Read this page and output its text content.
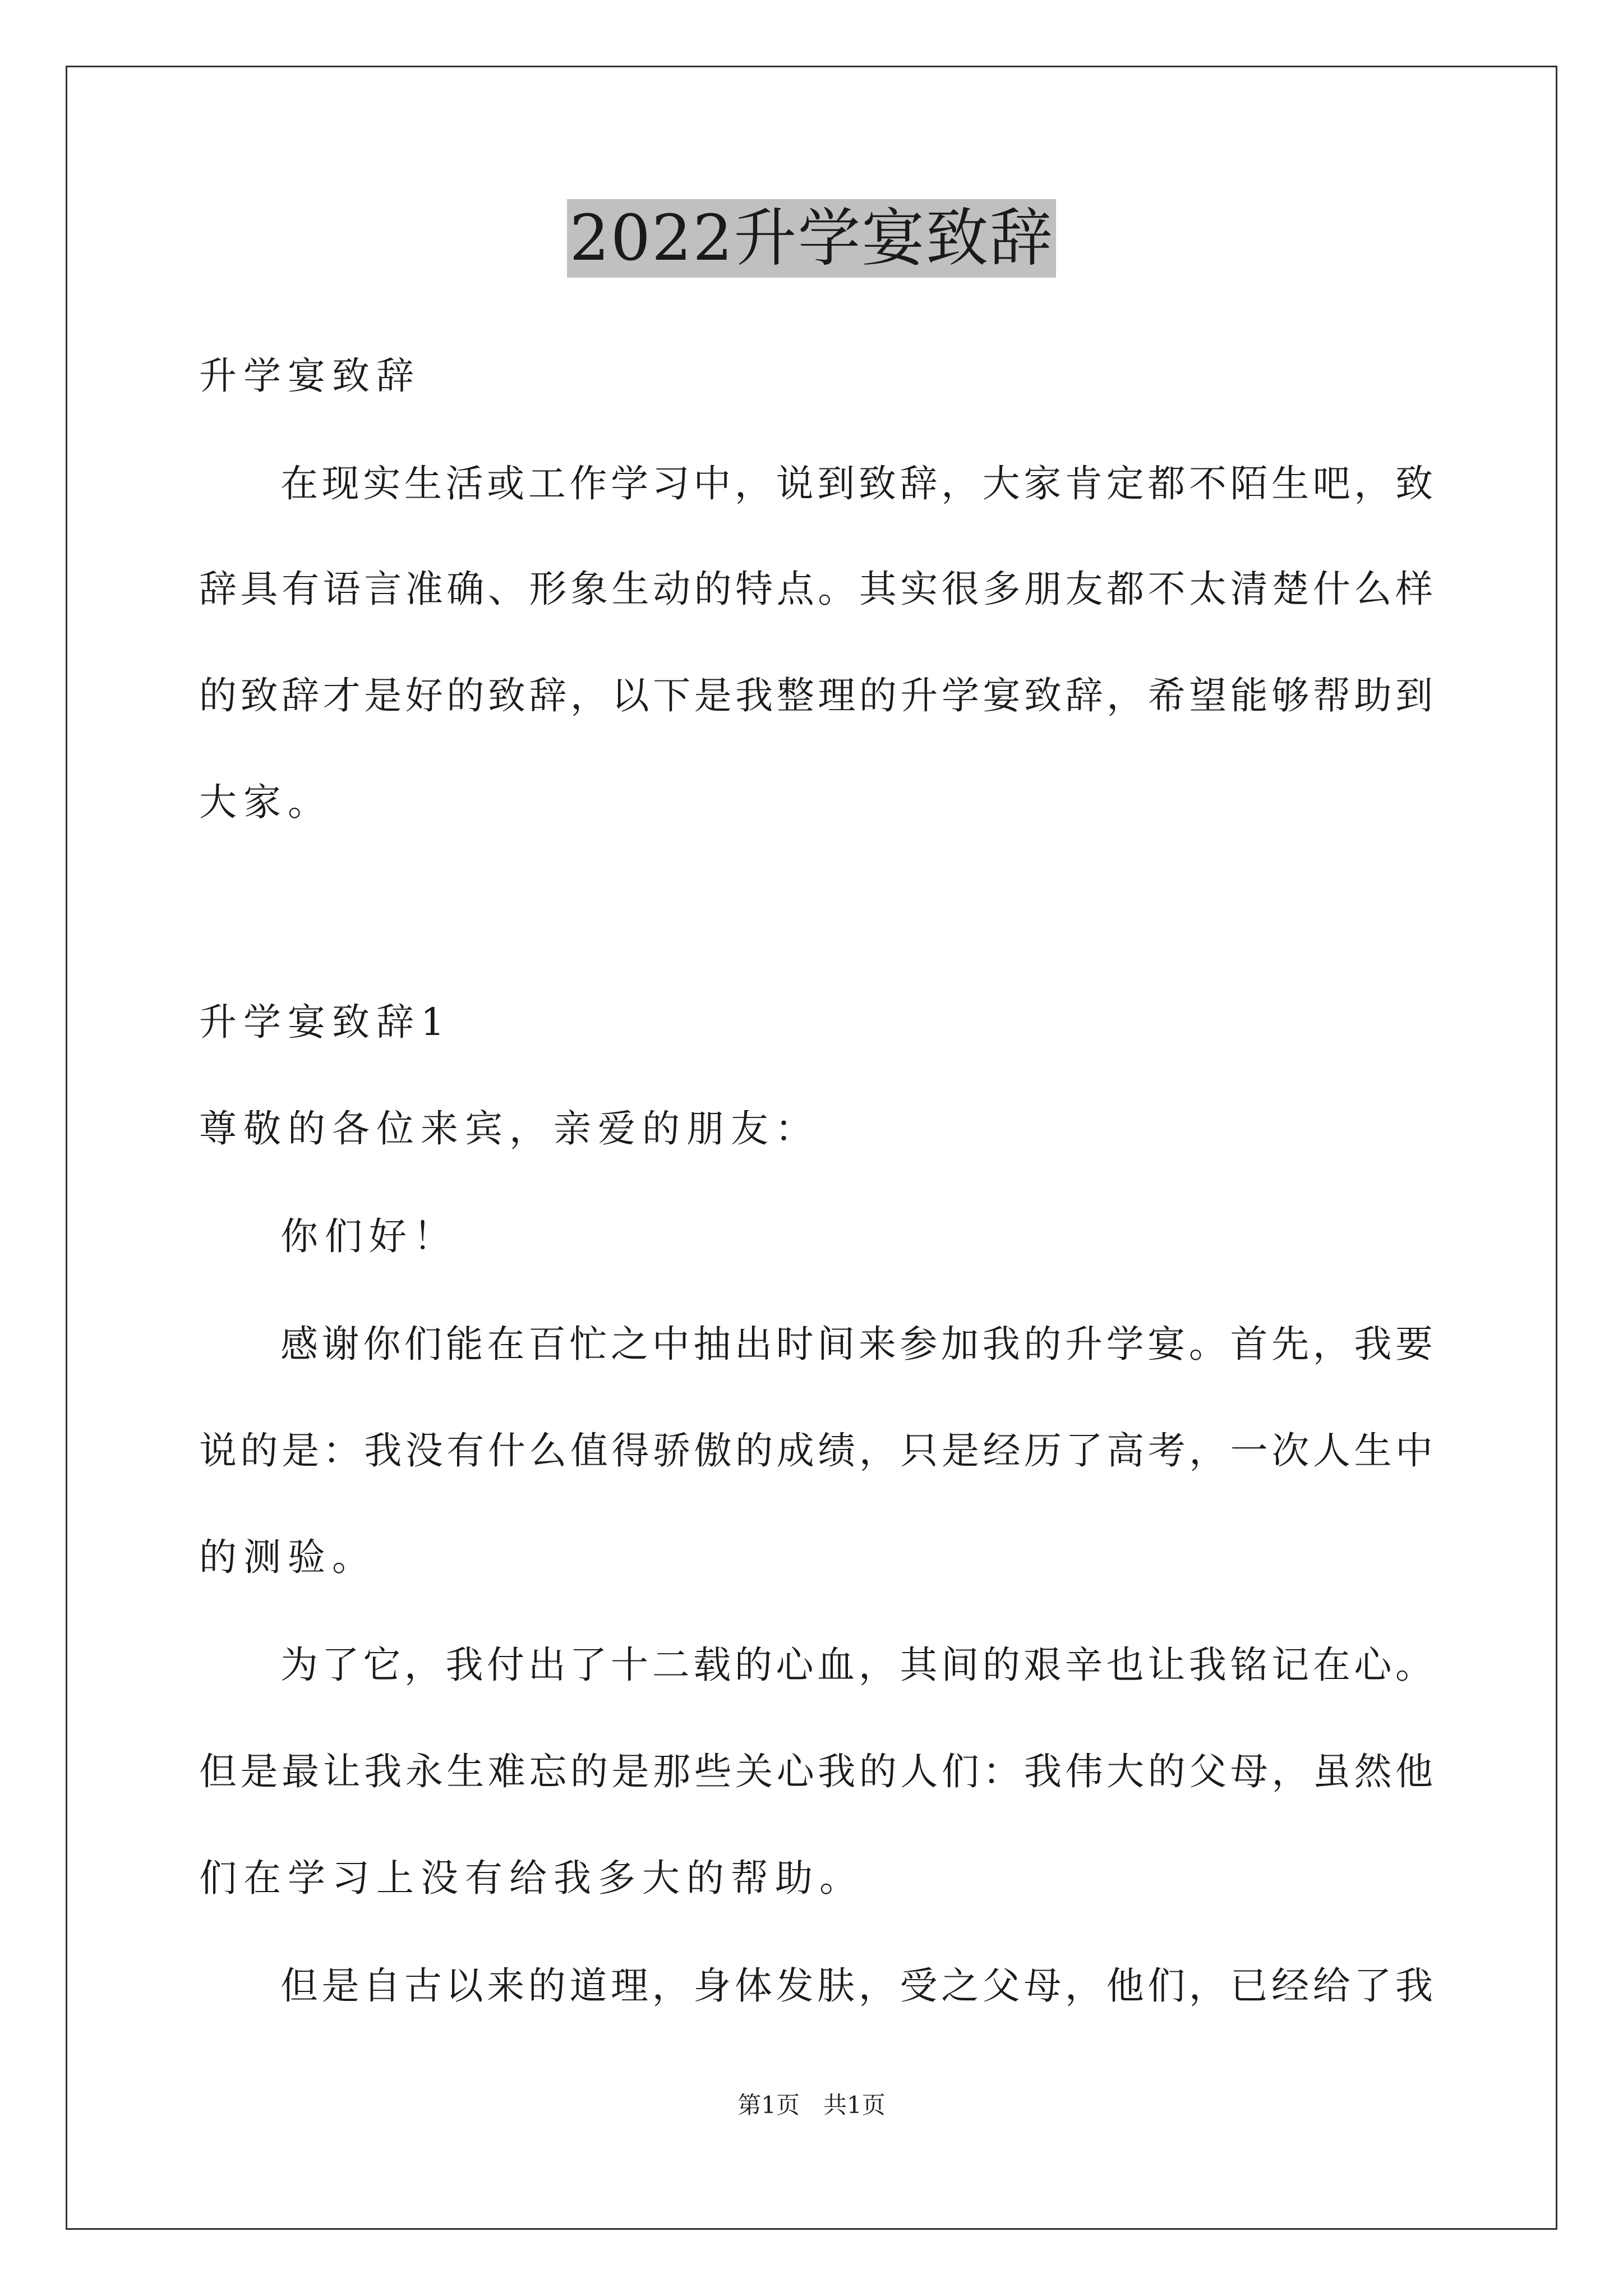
2022升学宴致辞
升学宴致辞
在现实生活或工作学习中，说到致辞，大家肯定都不陌生吧，致
辞具有语言准确、形象生动的特点。其实很多朋友都不太清楚什么样
的致辞才是好的致辞，以下是我整理的升学宴致辞，希望能够帮助到
大家。
升学宴致辞1
尊敬的各位来宾，亲爱的朋友：
你们好！
感谢你们能在百忙之中抽出时间来参加我的升学宴。首先，我要
说的是：我没有什么值得骄傲的成绩，只是经历了高考，一次人生中
的测验。
为了它，我付出了十二载的心血，其间的艰辛也让我铭记在心。
但是最让我永生难忘的是那些关心我的人们：我伟大的父母，虽然他
们在学习上没有给我多大的帮助。
但是自古以来的道理，身体发肤，受之父母，他们，已经给了我
第1页　共1页
